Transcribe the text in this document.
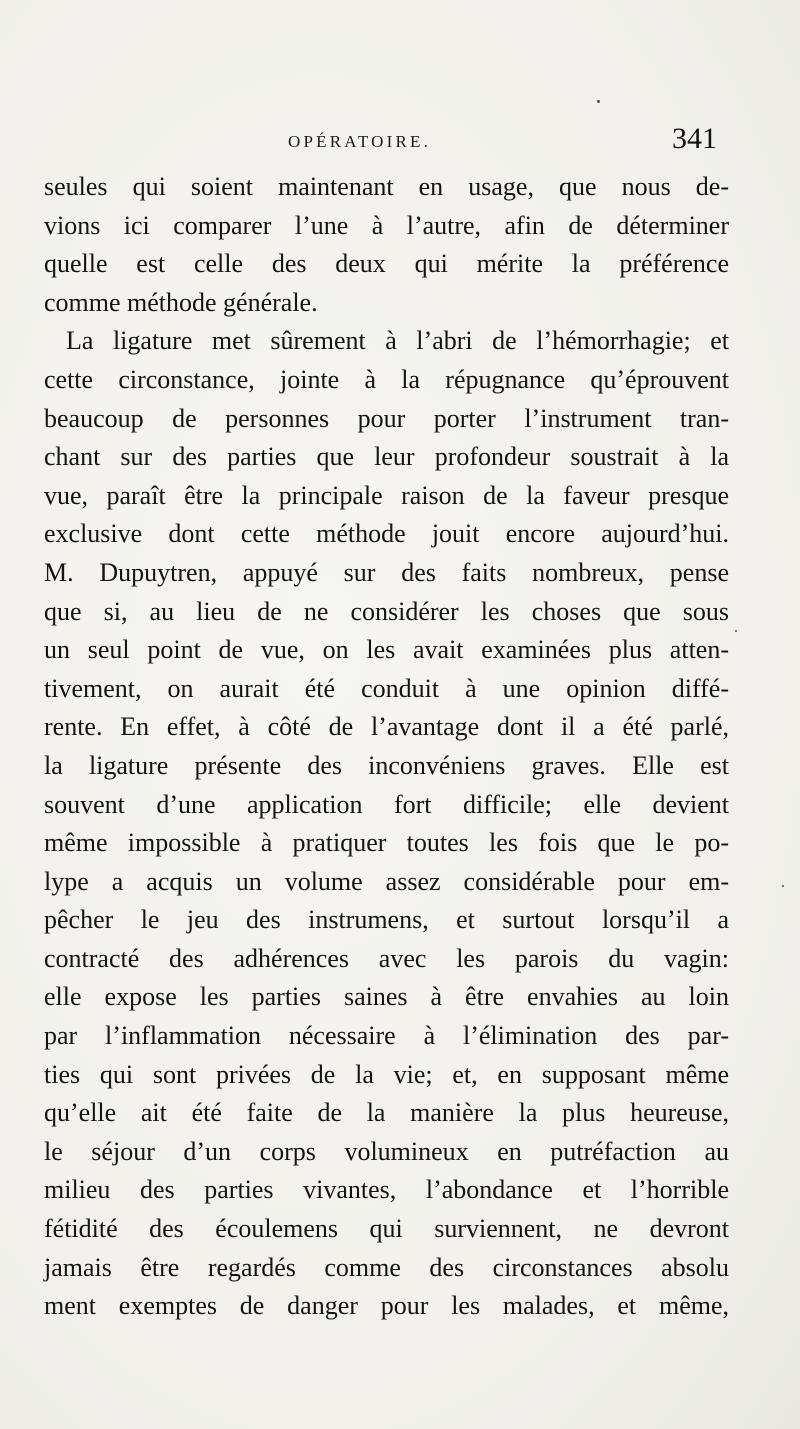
OPÉRATOIRE.	341
seules qui soient maintenant en usage, que nous de-
vions ici comparer l’une à l’autre, afin de déterminer
quelle est celle des deux qui mérite la préférence
comme méthode générale.
La ligature met sûrement à l’abri de l’hémorrhagie; et
cette circonstance, jointe à la répugnance qu’éprouvent
beaucoup de personnes pour porter l’instrument tran-
chant sur des parties que leur profondeur soustrait à la
vue, paraît être la principale raison de la faveur presque
exclusive dont cette méthode jouit encore aujourd’hui.
M. Dupuytren, appuyé sur des faits nombreux, pense
que si, au lieu de ne considérer les choses que sous
un seul point de vue, on les avait examinées plus atten-
tivement, on aurait été conduit à une opinion diffé-
rente. En effet, à côté de l’avantage dont il a été parlé,
la ligature présente des inconvéniens graves. Elle est
souvent d’une application fort difficile; elle devient
même impossible à pratiquer toutes les fois que le po-
lype a acquis un volume assez considérable pour em-
pêcher le jeu des instrumens, et surtout lorsqu’il a
contracté des adhérences avec les parois du vagin:
elle expose les parties saines à être envahies au loin
par l’inflammation nécessaire à l’élimination des par-
ties qui sont privées de la vie; et, en supposant même
qu’elle ait été faite de la manière la plus heureuse,
le séjour d’un corps volumineux en putréfaction au
milieu des parties vivantes, l’abondance et l’horrible
fétidité des écoulemens qui surviennent, ne devront
jamais être regardés comme des circonstances absolu
ment exemptes de danger pour les malades, et même,
